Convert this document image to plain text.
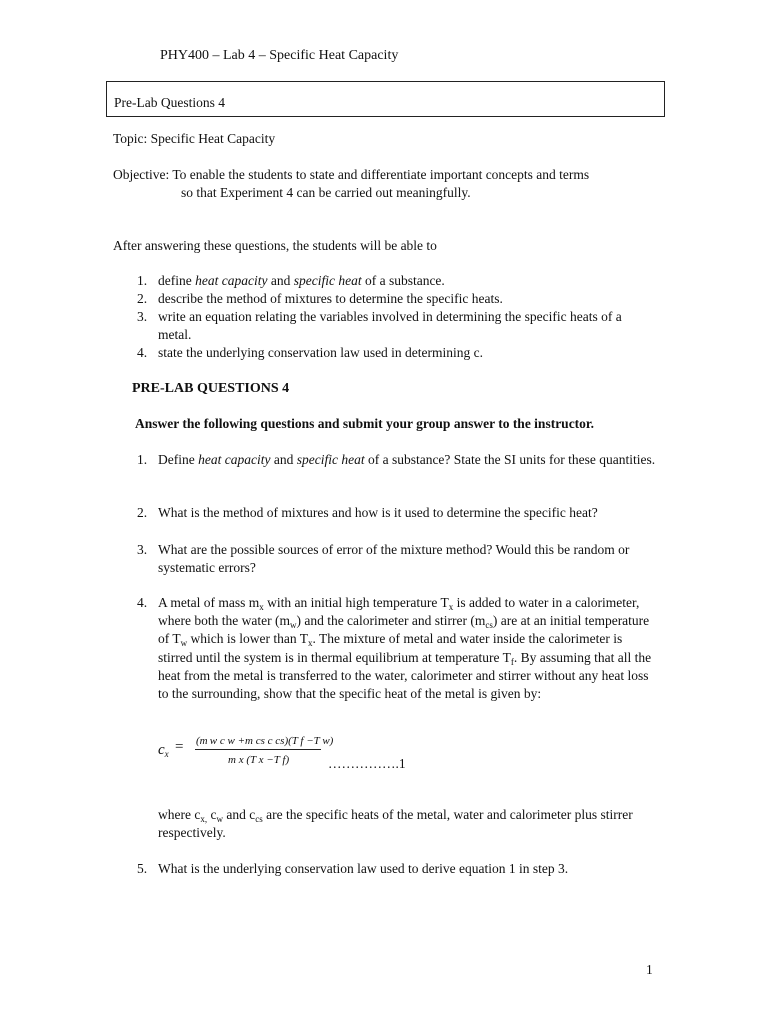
PHY400 – Lab 4 – Specific Heat Capacity
Pre-Lab Questions 4
Topic: Specific Heat Capacity
Objective: To enable the students to state and differentiate important concepts and terms
so that Experiment 4 can be carried out meaningfully.
After answering these questions, the students will be able to
1. define heat capacity and specific heat of a substance.
2. describe the method of mixtures to determine the specific heats.
3. write an equation relating the variables involved in determining the specific heats of a metal.
4. state the underlying conservation law used in determining c.
PRE-LAB QUESTIONS 4
Answer the following questions and submit your group answer to the instructor.
1. Define heat capacity and specific heat of a substance? State the SI units for these quantities.
2. What is the method of mixtures and how is it used to determine the specific heat?
3. What are the possible sources of error of the mixture method? Would this be random or systematic errors?
4. A metal of mass $m_x$ with an initial high temperature $T_x$ is added to water in a calorimeter, where both the water $(m_w)$ and the calorimeter and stirrer $(m_{cs})$ are at an initial temperature of $T_w$ which is lower than $T_x$. The mixture of metal and water inside the calorimeter is stirred until the system is in thermal equilibrium at temperature $T_f$. By assuming that all the heat from the metal is transferred to the water, calorimeter and stirrer without any heat loss to the surrounding, show that the specific heat of the metal is given by:
$c_x = (m$ w c w +m cs c cs)(T f −T w)
m x (T x −T f)	…………….1
where $c_{x,}$ $c_w$ and $c_{cs}$ are the specific heats of the metal, water and calorimeter plus stirrer respectively.
5. What is the underlying conservation law used to derive equation 1 in step 3.
1
